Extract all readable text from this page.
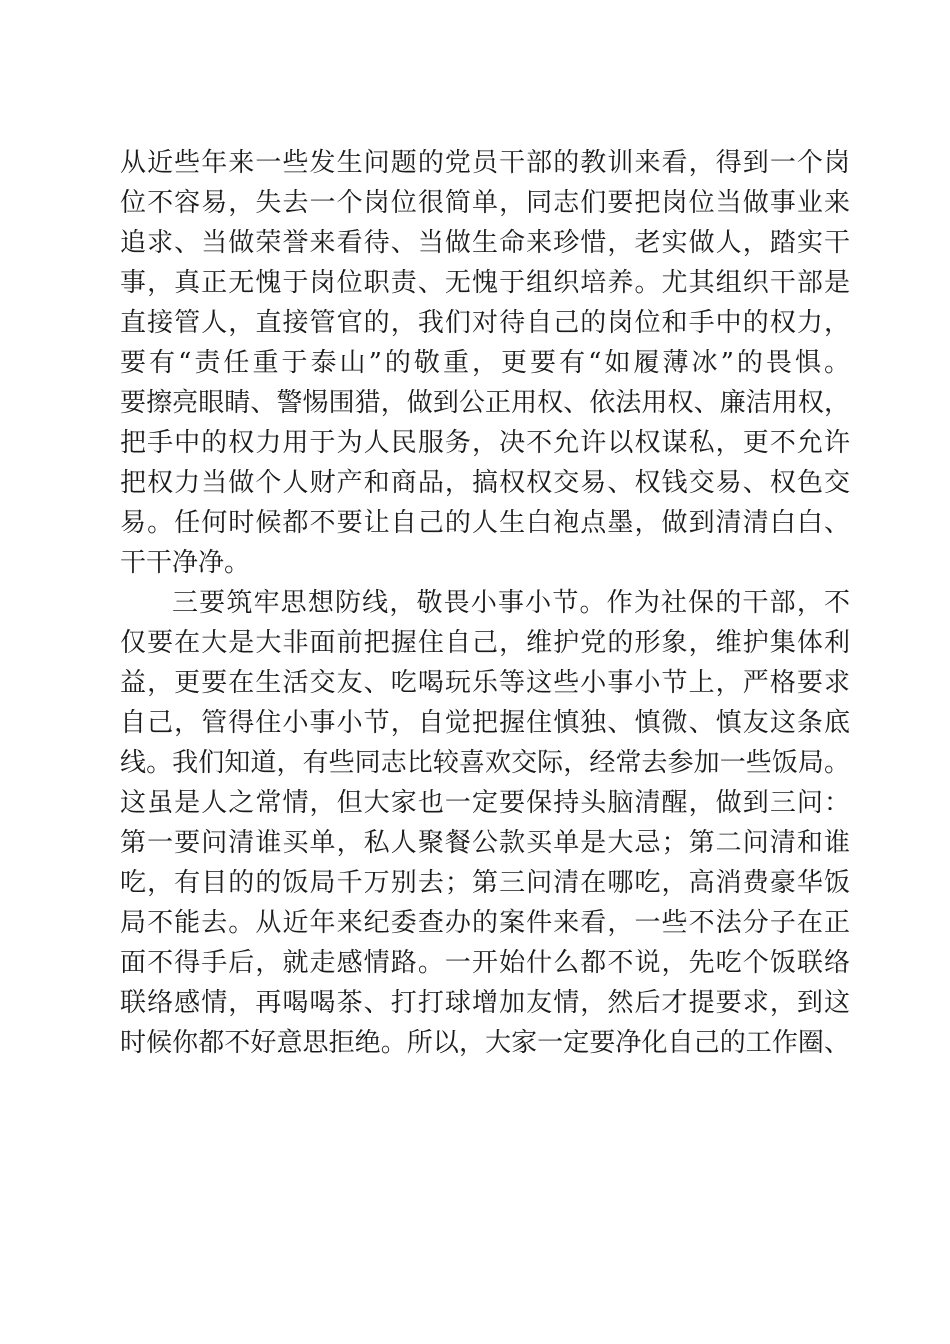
从近些年来一些发生问题的党员干部的教训来看，得到一个岗
位不容易，失去一个岗位很简单，同志们要把岗位当做事业来
追求、当做荣誉来看待、当做生命来珍惜，老实做人，踏实干
事，真正无愧于岗位职责、无愧于组织培养。尤其组织干部是
直接管人，直接管官的，我们对待自己的岗位和手中的权力，
要有“责任重于泰山”的敬重，更要有“如履薄冰”的畏惧。
要擦亮眼睛、警惕围猎，做到公正用权、依法用权、廉洁用权，
把手中的权力用于为人民服务，决不允许以权谋私，更不允许
把权力当做个人财产和商品，搞权权交易、权钱交易、权色交
易。任何时候都不要让自己的人生白袍点墨，做到清清白白、
干干净净。
三要筑牢思想防线，敬畏小事小节。作为社保的干部，不
仅要在大是大非面前把握住自己，维护党的形象，维护集体利
益，更要在生活交友、吃喝玩乐等这些小事小节上，严格要求
自己，管得住小事小节，自觉把握住慎独、慎微、慎友这条底
线。我们知道，有些同志比较喜欢交际，经常去参加一些饭局。
这虽是人之常情，但大家也一定要保持头脑清醒，做到三问：
第一要问清谁买单，私人聚餐公款买单是大忌；第二问清和谁
吃，有目的的饭局千万别去；第三问清在哪吃，高消费豪华饭
局不能去。从近年来纪委查办的案件来看，一些不法分子在正
面不得手后，就走感情路。一开始什么都不说，先吃个饭联络
联络感情，再喝喝茶、打打球增加友情，然后才提要求，到这
时候你都不好意思拒绝。所以，大家一定要净化自己的工作圈、
